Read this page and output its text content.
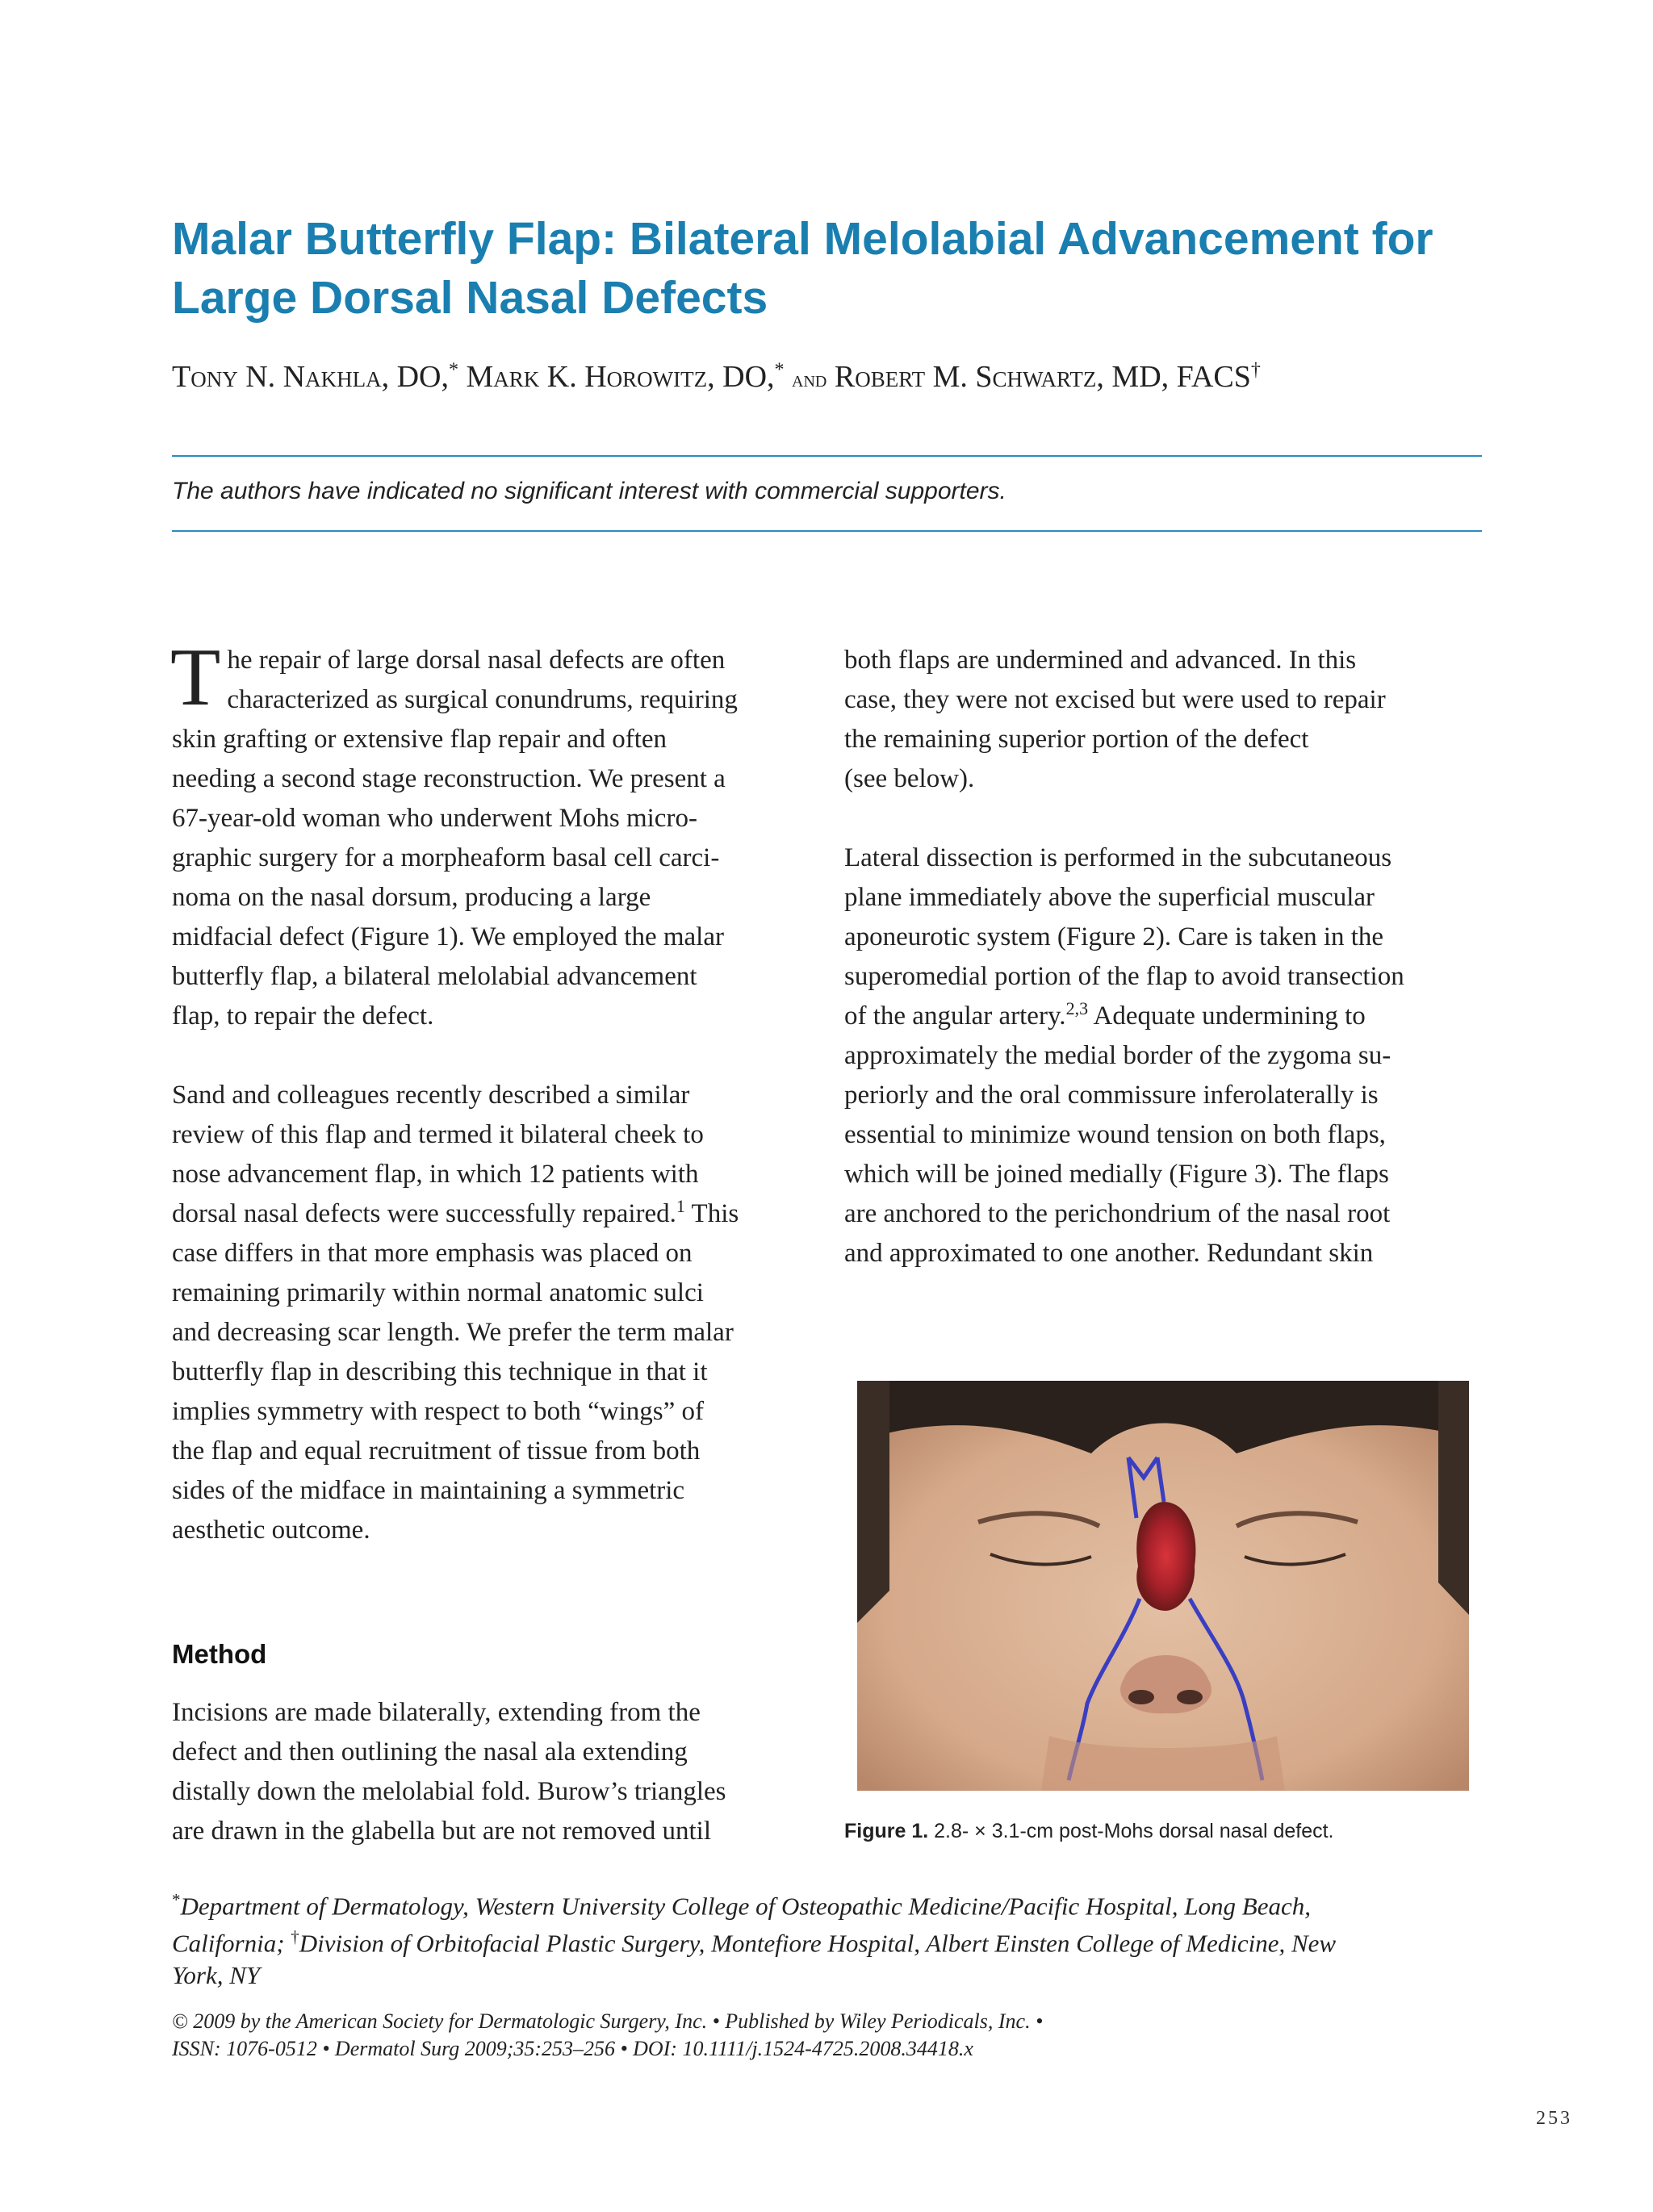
Malar Butterfly Flap: Bilateral Melolabial Advancement for
Large Dorsal Nasal Defects

Tony N. Nakhla, DO,* Mark K. Horowitz, DO,* and Robert M. Schwartz, MD, FACS†

The authors have indicated no significant interest with commercial supporters.

T he repair of large dorsal nasal defects are often
characterized as surgical conundrums, requiring
skin grafting or extensive flap repair and often
needing a second stage reconstruction. We present a
67-year-old woman who underwent Mohs micro-
graphic surgery for a morpheaform basal cell carci-
noma on the nasal dorsum, producing a large
midfacial defect (Figure 1). We employed the malar
butterfly flap, a bilateral melolabial advancement
flap, to repair the defect.

Sand and colleagues recently described a similar
review of this flap and termed it bilateral cheek to
nose advancement flap, in which 12 patients with
dorsal nasal defects were successfully repaired.$^1$ This
case differs in that more emphasis was placed on
remaining primarily within normal anatomic sulci
and decreasing scar length. We prefer the term malar
butterfly flap in describing this technique in that it
implies symmetry with respect to both “wings” of
the flap and equal recruitment of tissue from both
sides of the midface in maintaining a symmetric
aesthetic outcome.

Method
Incisions are made bilaterally, extending from the
defect and then outlining the nasal ala extending
distally down the melolabial fold. Burow’s triangles
are drawn in the glabella but are not removed until

both flaps are undermined and advanced. In this
case, they were not excised but were used to repair
the remaining superior portion of the defect
(see below).

Lateral dissection is performed in the subcutaneous
plane immediately above the superficial muscular
aponeurotic system (Figure 2). Care is taken in the
superomedial portion of the flap to avoid transection
of the angular artery.$^{2,3}$ Adequate undermining to
approximately the medial border of the zygoma su-
periorly and the oral commissure inferolaterally is
essential to minimize wound tension on both flaps,
which will be joined medially (Figure 3). The flaps
are anchored to the perichondrium of the nasal root
and approximated to one another. Redundant skin

Figure 1. 2.8- × 3.1-cm post-Mohs dorsal nasal defect.

*Department of Dermatology, Western University College of Osteopathic Medicine/Pacific Hospital, Long Beach,
California; †Division of Orbitofacial Plastic Surgery, Montefiore Hospital, Albert Einsten College of Medicine, New
York, NY
© 2009 by the American Society for Dermatologic Surgery, Inc. • Published by Wiley Periodicals, Inc. •
ISSN: 1076-0512 • Dermatol Surg 2009;35:253–256 • DOI: 10.1111/j.1524-4725.2008.34418.x
253
